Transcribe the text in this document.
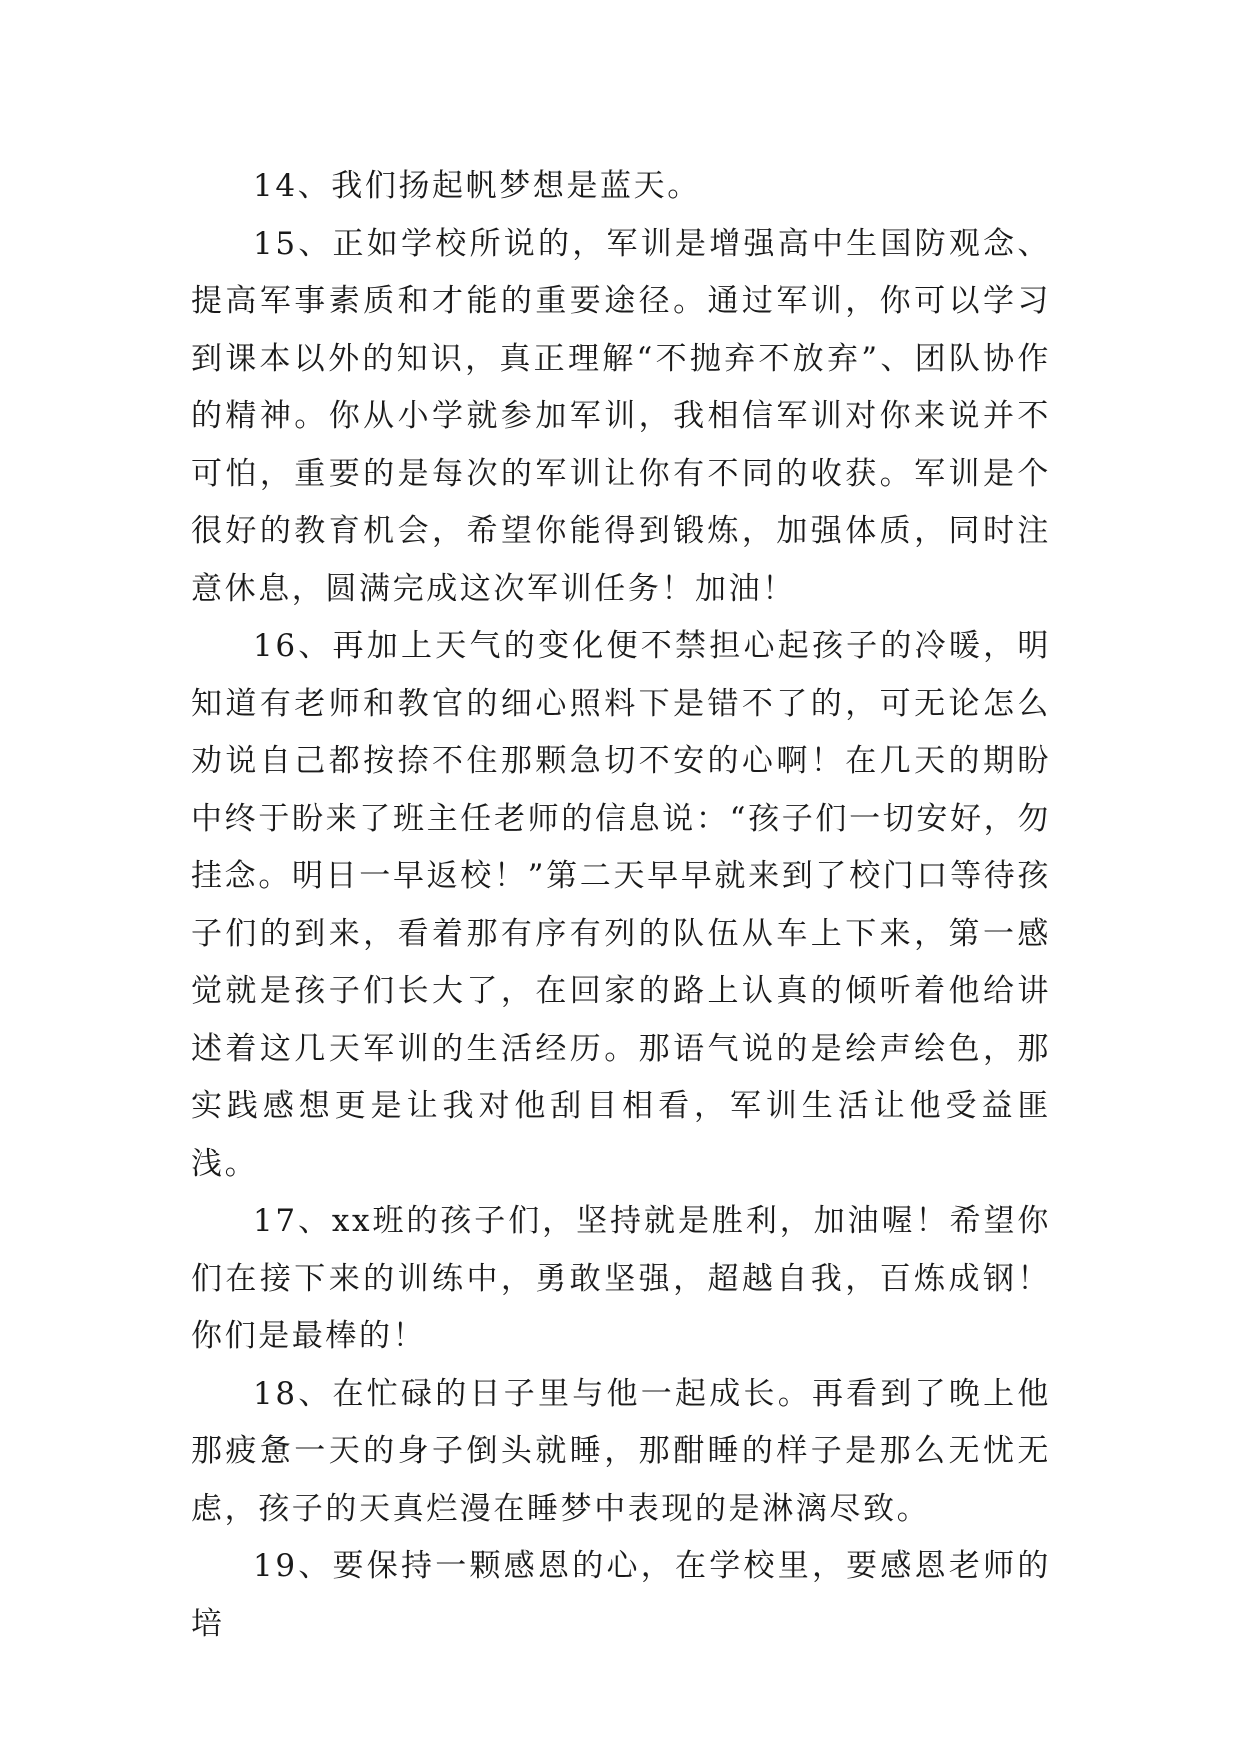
14、我们扬起帆梦想是蓝天。

15、正如学校所说的，军训是增强高中生国防观念、提高军事素质和才能的重要途径。通过军训，你可以学习到课本以外的知识，真正理解“不抛弃不放弃”、团队协作的精神。你从小学就参加军训，我相信军训对你来说并不可怕，重要的是每次的军训让你有不同的收获。军训是个很好的教育机会，希望你能得到锻炼，加强体质，同时注意休息，圆满完成这次军训任务！加油！

16、再加上天气的变化便不禁担心起孩子的冷暖，明知道有老师和教官的细心照料下是错不了的，可无论怎么劝说自己都按捺不住那颗急切不安的心啊！在几天的期盼中终于盼来了班主任老师的信息说：“孩子们一切安好，勿挂念。明日一早返校！”第二天早早就来到了校门口等待孩子们的到来，看着那有序有列的队伍从车上下来，第一感觉就是孩子们长大了，在回家的路上认真的倾听着他给讲述着这几天军训的生活经历。那语气说的是绘声绘色，那实践感想更是让我对他刮目相看，军训生活让他受益匪浅。

17、xx班的孩子们，坚持就是胜利，加油喔！希望你们在接下来的训练中，勇敢坚强，超越自我，百炼成钢！你们是最棒的！

18、在忙碌的日子里与他一起成长。再看到了晚上他那疲惫一天的身子倒头就睡，那酣睡的样子是那么无忧无虑，孩子的天真烂漫在睡梦中表现的是淋漓尽致。

19、要保持一颗感恩的心，在学校里，要感恩老师的培
